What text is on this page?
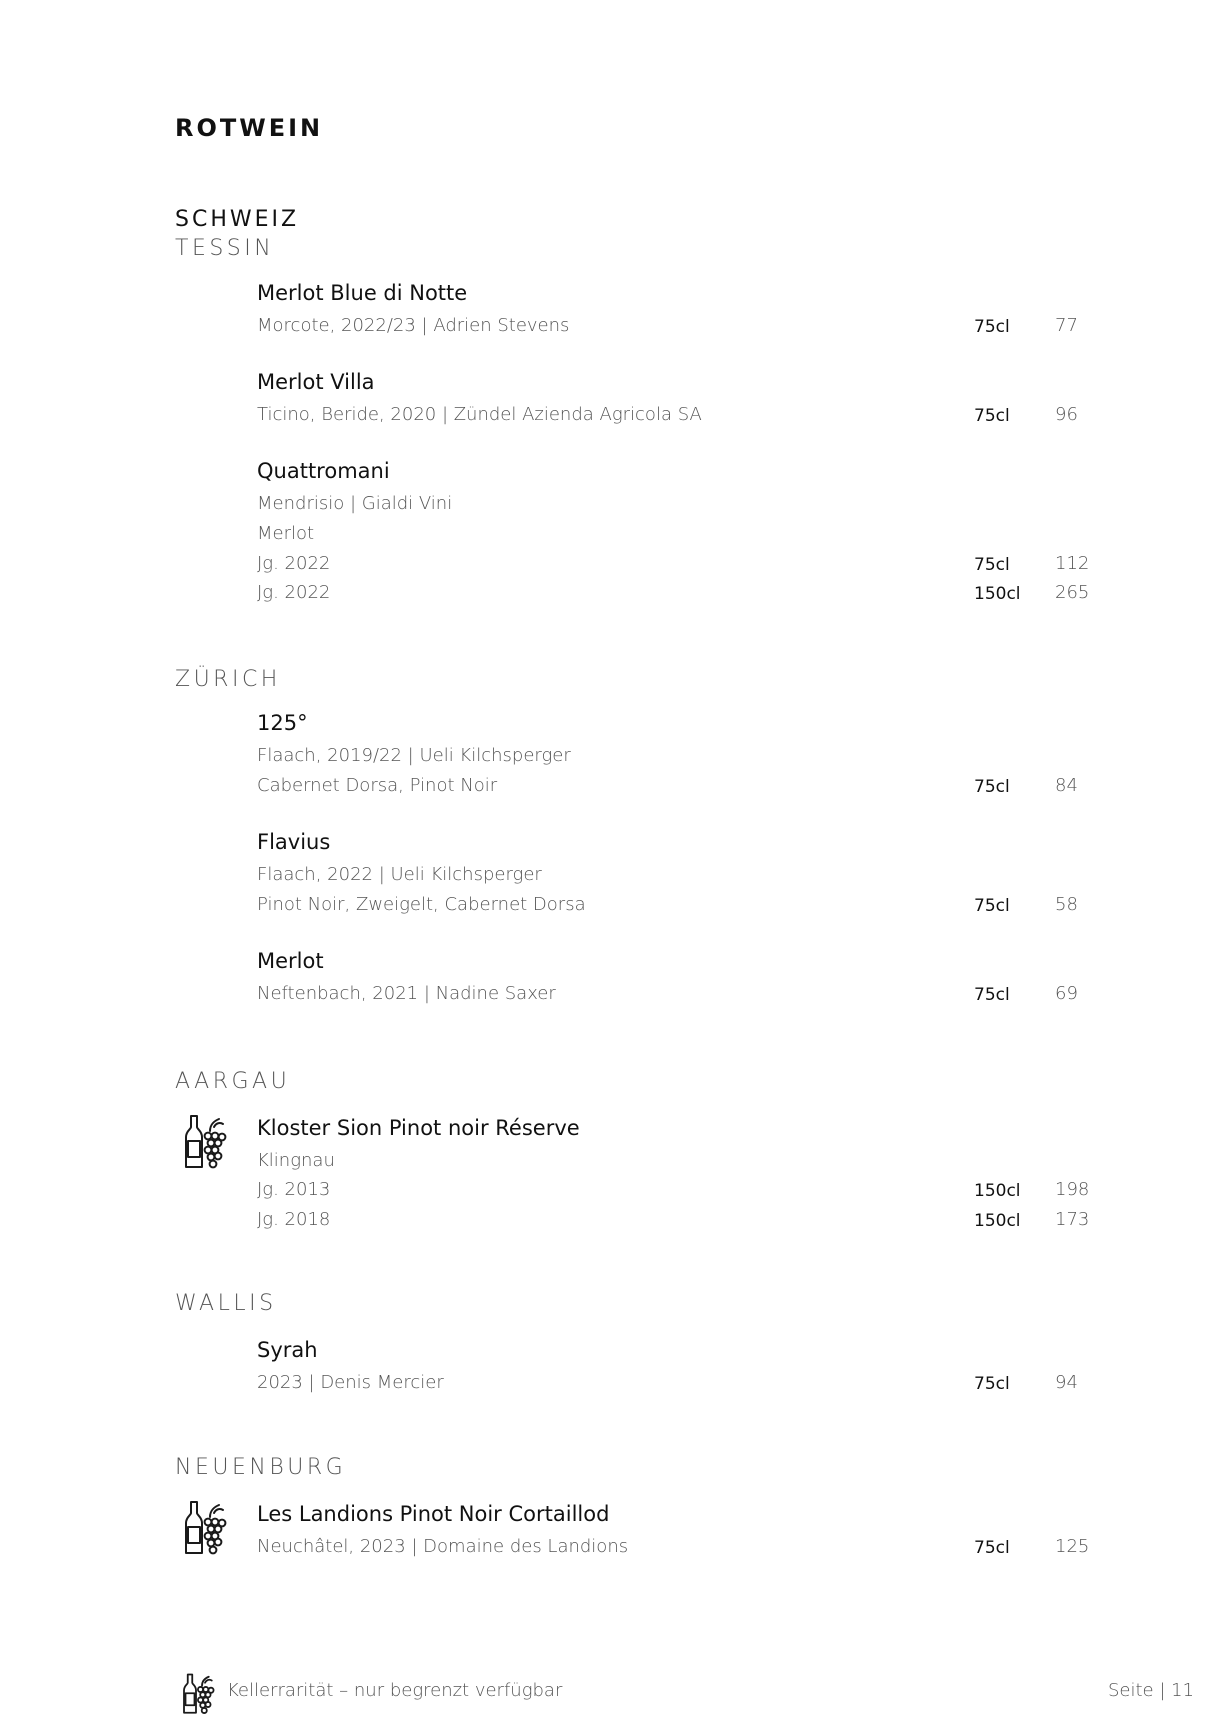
ROTWEIN
SCHWEIZ
TESSIN
Merlot Blue di Notte
Morcote, 2022/23 | Adrien Stevens	75cl	77
Merlot Villa
Ticino, Beride, 2020 | Zündel Azienda Agricola SA	75cl	96
Quattromani
Mendrisio | Gialdi Vini
Merlot
Jg. 2022	75cl	112
Jg. 2022	150cl 265
ZÜRICH
125°
Flaach, 2019/22 | Ueli Kilchsperger
Cabernet Dorsa, Pinot Noir	75cl	84
Flavius
Flaach, 2022 | Ueli Kilchsperger
Pinot Noir, Zweigelt, Cabernet Dorsa	75cl	58
Merlot
Neftenbach, 2021 | Nadine Saxer	75cl	69
AARGAU
Kloster Sion Pinot noir Réserve
Klingnau
Jg. 2013	150cl 198
Jg. 2018	150cl 173
WALLIS
Syrah
2023 | Denis Mercier	75cl	94
NEUENBURG
Les Landions Pinot Noir Cortaillod
Neuchâtel, 2023 | Domaine des Landions	75cl	125
Kellerrarität – nur begrenzt verfügbar	Seite | 11
